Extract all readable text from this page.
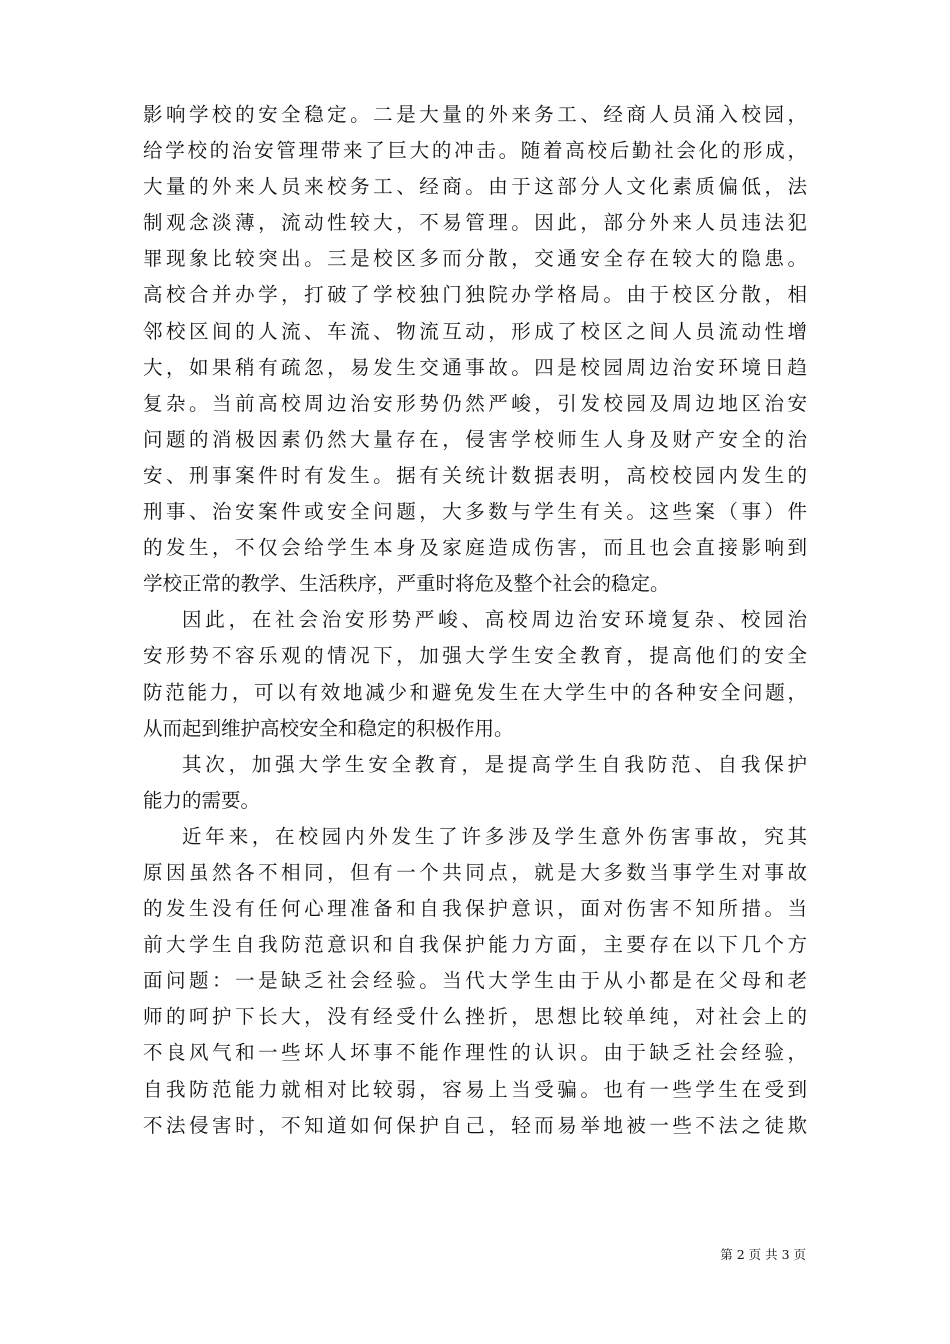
影响学校的安全稳定。二是大量的外来务工、经商人员涌入校园，
给学校的治安管理带来了巨大的冲击。随着高校后勤社会化的形成，
大量的外来人员来校务工、经商。由于这部分人文化素质偏低，法
制观念淡薄，流动性较大，不易管理。因此，部分外来人员违法犯
罪现象比较突出。三是校区多而分散，交通安全存在较大的隐患。
高校合并办学，打破了学校独门独院办学格局。由于校区分散，相
邻校区间的人流、车流、物流互动，形成了校区之间人员流动性增
大，如果稍有疏忽，易发生交通事故。四是校园周边治安环境日趋
复杂。当前高校周边治安形势仍然严峻，引发校园及周边地区治安
问题的消极因素仍然大量存在，侵害学校师生人身及财产安全的治
安、刑事案件时有发生。据有关统计数据表明，高校校园内发生的
刑事、治安案件或安全问题，大多数与学生有关。这些案（事）件
的发生，不仅会给学生本身及家庭造成伤害，而且也会直接影响到
学校正常的教学、生活秩序，严重时将危及整个社会的稳定。
因此，在社会治安形势严峻、高校周边治安环境复杂、校园治
安形势不容乐观的情况下，加强大学生安全教育，提高他们的安全
防范能力，可以有效地减少和避免发生在大学生中的各种安全问题，
从而起到维护高校安全和稳定的积极作用。
其次，加强大学生安全教育，是提高学生自我防范、自我保护
能力的需要。
近年来，在校园内外发生了许多涉及学生意外伤害事故，究其
原因虽然各不相同，但有一个共同点，就是大多数当事学生对事故
的发生没有任何心理准备和自我保护意识，面对伤害不知所措。当
前大学生自我防范意识和自我保护能力方面，主要存在以下几个方
面问题：一是缺乏社会经验。当代大学生由于从小都是在父母和老
师的呵护下长大，没有经受什么挫折，思想比较单纯，对社会上的
不良风气和一些坏人坏事不能作理性的认识。由于缺乏社会经验，
自我防范能力就相对比较弱，容易上当受骗。也有一些学生在受到
不法侵害时，不知道如何保护自己，轻而易举地被一些不法之徒欺
第 2 页 共 3 页
